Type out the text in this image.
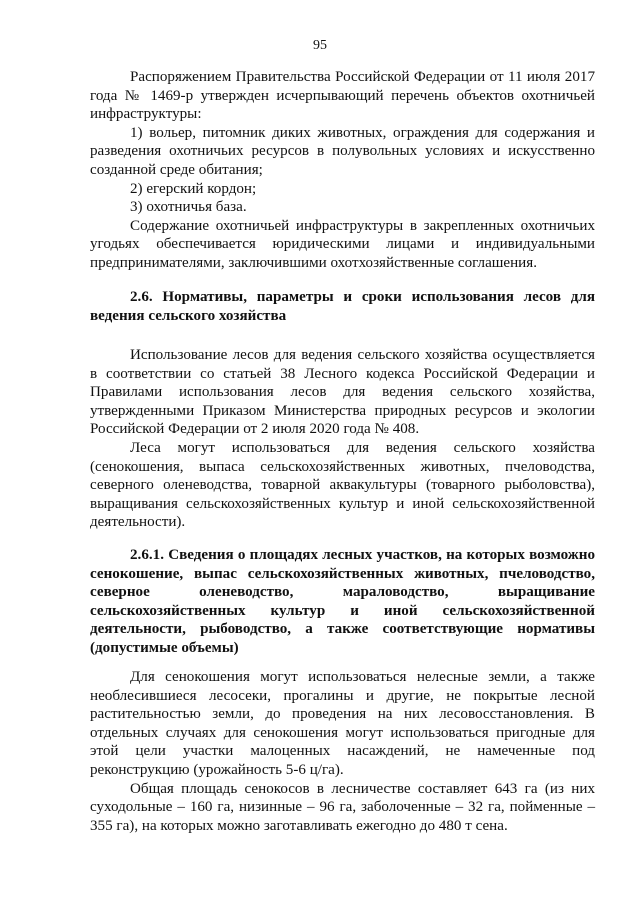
95

Распоряжением Правительства Российской Федерации от 11 июля 2017 года № 1469-р утвержден исчерпывающий перечень объектов охотничьей инфраструктуры:

1) вольер, питомник диких животных, ограждения для содержания и разведения охотничьих ресурсов в полувольных условиях и искусственно созданной среде обитания;

2) егерский кордон;

3) охотничья база.

Содержание охотничьей инфраструктуры в закрепленных охотничьих угодьях обеспечивается юридическими лицами и индивидуальными предпринимателями, заключившими охотхозяйственные соглашения.

2.6. Нормативы, параметры и сроки использования лесов для ведения сельского хозяйства

Использование лесов для ведения сельского хозяйства осуществляется в соответствии со статьей 38 Лесного кодекса Российской Федерации и Правилами использования лесов для ведения сельского хозяйства, утвержденными Приказом Министерства природных ресурсов и экологии Российской Федерации от 2 июля 2020 года № 408.

Леса могут использоваться для ведения сельского хозяйства (сенокошения, выпаса сельскохозяйственных животных, пчеловодства, северного оленеводства, товарной аквакультуры (товарного рыболовства), выращивания сельскохозяйственных культур и иной сельскохозяйственной деятельности).

2.6.1. Сведения о площадях лесных участков, на которых возможно сенокошение, выпас сельскохозяйственных животных, пчеловодство, северное оленеводство, мараловодство, выращивание сельскохозяйственных культур и иной сельскохозяйственной деятельности, рыбоводство, а также соответствующие нормативы (допустимые объемы)

Для сенокошения могут использоваться нелесные земли, а также необлесившиеся лесосеки, прогалины и другие, не покрытые лесной растительностью земли, до проведения на них лесовосстановления. В отдельных случаях для сенокошения могут использоваться пригодные для этой цели участки малоценных насаждений, не намеченные под реконструкцию (урожайность 5-6 ц/га).

Общая площадь сенокосов в лесничестве составляет 643 га (из них суходольные – 160 га, низинные – 96 га, заболоченные – 32 га, пойменные – 355 га), на которых можно заготавливать ежегодно до 480 т сена.
